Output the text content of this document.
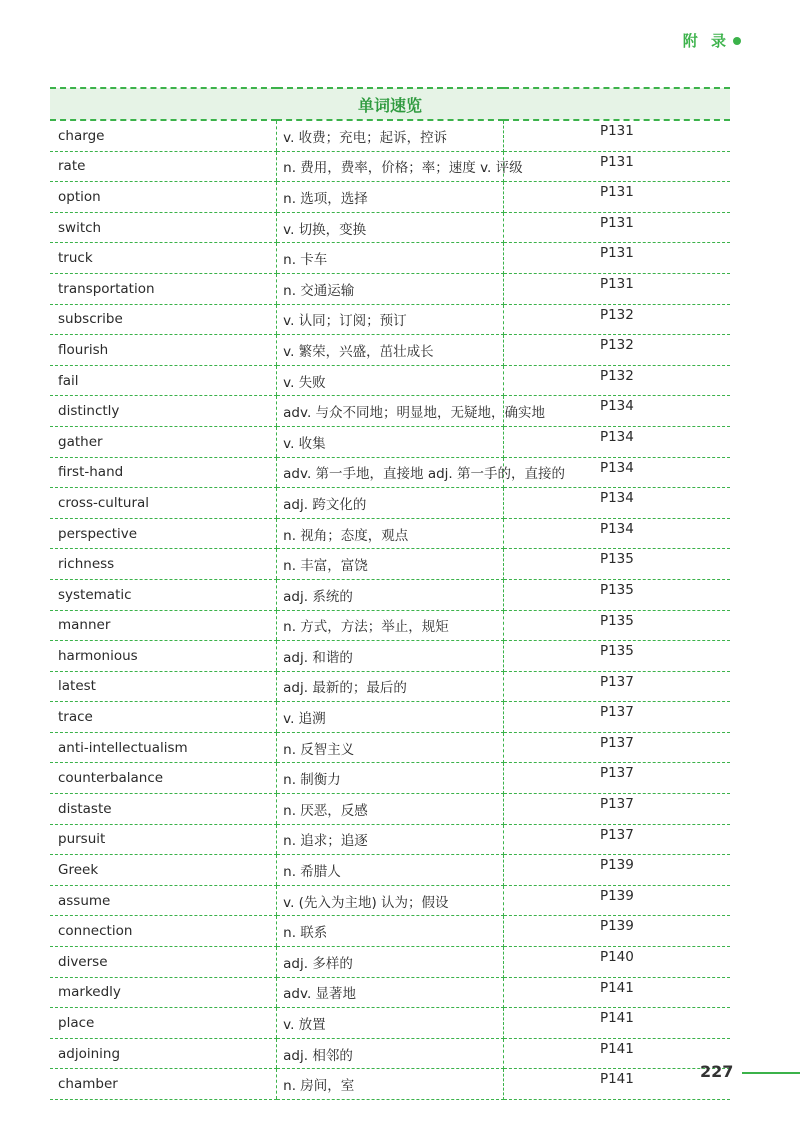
附 录
单词速览		
charge	v. 收费；充电；起诉，控诉	P131
rate	n. 费用，费率，价格；率；速度 v. 评级	P131
option	n. 选项，选择	P131
switch	v. 切换，变换	P131
truck	n. 卡车	P131
transportation	n. 交通运输	P131
subscribe	v. 认同；订阅；预订	P132
flourish	v. 繁荣，兴盛，茁壮成长	P132
fail	v. 失败	P132
distinctly	adv. 与众不同地；明显地，无疑地，确实地	P134
gather	v. 收集	P134
first-hand	adv. 第一手地，直接地 adj. 第一手的，直接的	P134
cross-cultural	adj. 跨文化的	P134
perspective	n. 视角；态度，观点	P134
richness	n. 丰富，富饶	P135
systematic	adj. 系统的	P135
manner	n. 方式，方法；举止，规矩	P135
harmonious	adj. 和谐的	P135
latest	adj. 最新的；最后的	P137
trace	v. 追溯	P137
anti-intellectualism	n. 反智主义	P137
counterbalance	n. 制衡力	P137
distaste	n. 厌恶，反感	P137
pursuit	n. 追求；追逐	P137
Greek	n. 希腊人	P139
assume	v. (先入为主地) 认为；假设	P139
connection	n. 联系	P139
diverse	adj. 多样的	P140
markedly	adv. 显著地	P141
place	v. 放置	P141
adjoining	adj. 相邻的	P141
chamber	n. 房间，室	P141	227
